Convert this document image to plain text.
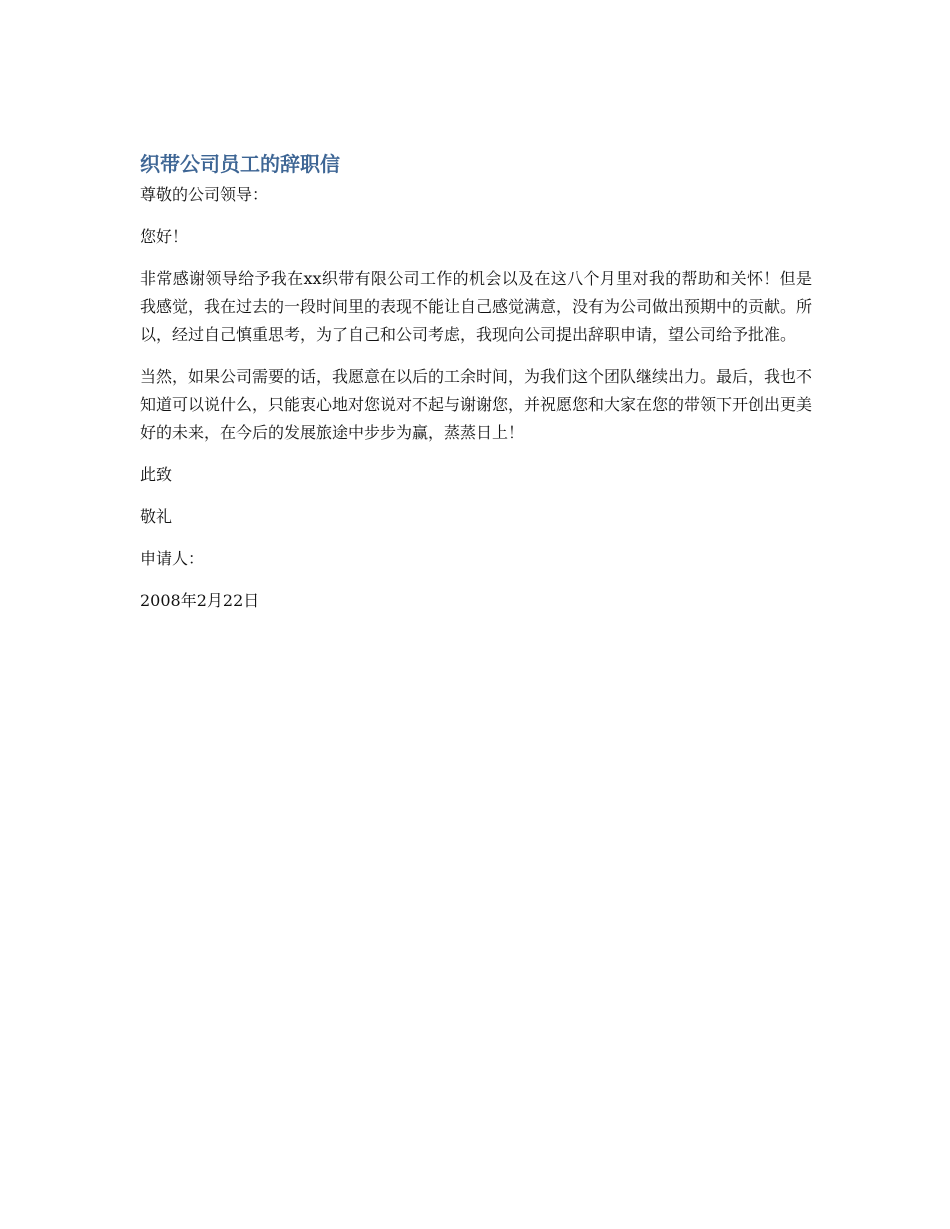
织带公司员工的辞职信

尊敬的公司领导：

您好！

非常感谢领导给予我在xx织带有限公司工作的机会以及在这八个月里对我的帮助和关怀！但是我感觉，我在过去的一段时间里的表现不能让自己感觉满意，没有为公司做出预期中的贡献。所以，经过自己慎重思考，为了自己和公司考虑，我现向公司提出辞职申请，望公司给予批准。

当然，如果公司需要的话，我愿意在以后的工余时间，为我们这个团队继续出力。最后，我也不知道可以说什么，只能衷心地对您说对不起与谢谢您，并祝愿您和大家在您的带领下开创出更美好的未来，在今后的发展旅途中步步为赢，蒸蒸日上！

此致

敬礼

申请人：

2008年2月22日
